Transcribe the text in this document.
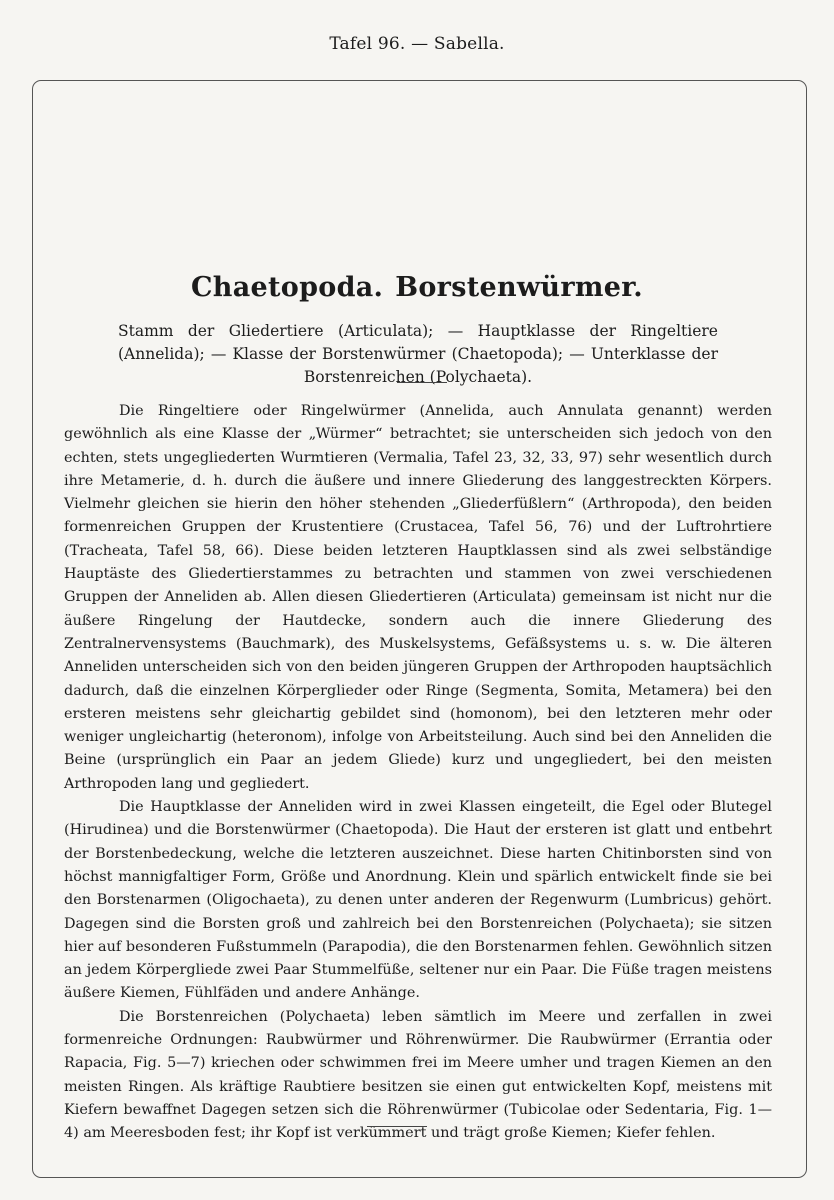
Tafel 96. — Sabella.
Chaetopoda. Borstenwürmer.
Stamm der Gliedertiere (Articulata); — Hauptklasse der Ringeltiere (Annelida); — Klasse der Borstenwürmer (Chaetopoda); — Unterklasse der Borstenreichen (Polychaeta).

Die Ringeltiere oder Ringelwürmer (Annelida, auch Annulata genannt) werden gewöhnlich als eine Klasse der „Würmer“ betrachtet; sie unterscheiden sich jedoch von den echten, stets ungegliederten Wurmtieren (Vermalia, Tafel 23, 32, 33, 97) sehr wesentlich durch ihre Metamerie, d. h. durch die äußere und innere Gliederung des langgestreckten Körpers. Vielmehr gleichen sie hierin den höher stehenden „Gliederfüßlern“ (Arthropoda), den beiden formenreichen Gruppen der Krustentiere (Crustacea, Tafel 56, 76) und der Luftrohrtiere (Tracheata, Tafel 58, 66). Diese beiden letzteren Hauptklassen sind als zwei selbständige Hauptäste des Gliedertierstammes zu betrachten und stammen von zwei verschiedenen Gruppen der Anneliden ab. Allen diesen Gliedertieren (Articulata) gemeinsam ist nicht nur die äußere Ringelung der Hautdecke, sondern auch die innere Gliederung des Zentralnervensystems (Bauchmark), des Muskelsystems, Gefäßsystems u. s. w. Die älteren Anneliden unterscheiden sich von den beiden jüngeren Gruppen der Arthropoden hauptsächlich dadurch, daß die einzelnen Körperglieder oder Ringe (Segmenta, Somita, Metamera) bei den ersteren meistens sehr gleichartig gebildet sind (homonom), bei den letzteren mehr oder weniger ungleichartig (heteronom), infolge von Arbeitsteilung. Auch sind bei den Anneliden die Beine (ursprünglich ein Paar an jedem Gliede) kurz und ungegliedert, bei den meisten Arthropoden lang und gegliedert.

Die Hauptklasse der Anneliden wird in zwei Klassen eingeteilt, die Egel oder Blutegel (Hirudinea) und die Borstenwürmer (Chaetopoda). Die Haut der ersteren ist glatt und entbehrt der Borstenbedeckung, welche die letzteren auszeichnet. Diese harten Chitinborsten sind von höchst mannigfaltiger Form, Größe und Anordnung. Klein und spärlich entwickelt finde sie bei den Borstenarmen (Oligochaeta), zu denen unter anderen der Regenwurm (Lumbricus) gehört. Dagegen sind die Borsten groß und zahlreich bei den Borstenreichen (Polychaeta); sie sitzen hier auf besonderen Fußstummeln (Parapodia), die den Borstenarmen fehlen. Gewöhnlich sitzen an jedem Körpergliede zwei Paar Stummelfüße, seltener nur ein Paar. Die Füße tragen meistens äußere Kiemen, Fühlfäden und andere Anhänge.

Die Borstenreichen (Polychaeta) leben sämtlich im Meere und zerfallen in zwei formenreiche Ordnungen: Raubwürmer und Röhrenwürmer. Die Raubwürmer (Errantia oder Rapacia, Fig. 5—7) kriechen oder schwimmen frei im Meere umher und tragen Kiemen an den meisten Ringen. Als kräftige Raubtiere besitzen sie einen gut entwickelten Kopf, meistens mit Kiefern bewaffnet Dagegen setzen sich die Röhrenwürmer (Tubicolae oder Sedentaria, Fig. 1—4) am Meeresboden fest; ihr Kopf ist verkümmert und trägt große Kiemen; Kiefer fehlen.
